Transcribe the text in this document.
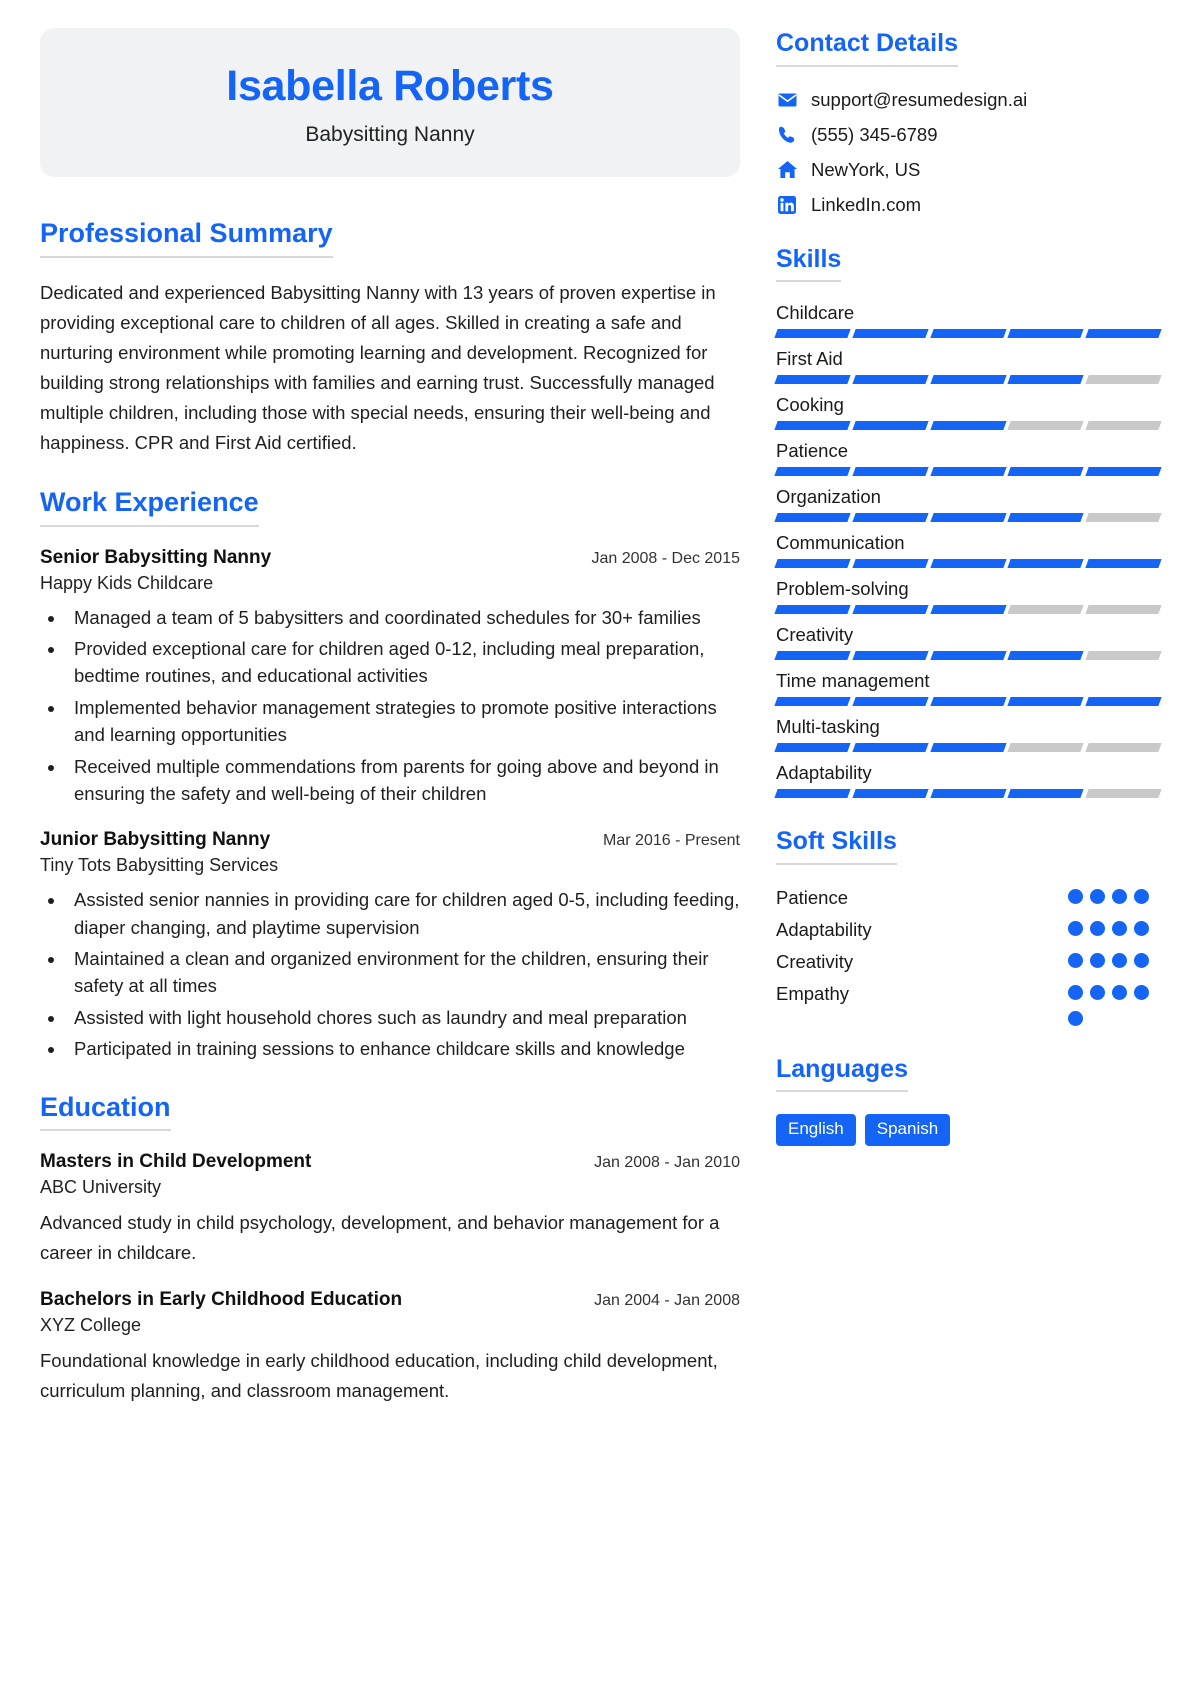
Isabella Roberts
Babysitting Nanny
Professional Summary
Dedicated and experienced Babysitting Nanny with 13 years of proven expertise in providing exceptional care to children of all ages. Skilled in creating a safe and nurturing environment while promoting learning and development. Recognized for building strong relationships with families and earning trust. Successfully managed multiple children, including those with special needs, ensuring their well-being and happiness. CPR and First Aid certified.
Work Experience
Senior Babysitting Nanny	Jan 2008 - Dec 2015
Happy Kids Childcare
• Managed a team of 5 babysitters and coordinated schedules for 30+ families
• Provided exceptional care for children aged 0-12, including meal preparation, bedtime routines, and educational activities
• Implemented behavior management strategies to promote positive interactions and learning opportunities
• Received multiple commendations from parents for going above and beyond in ensuring the safety and well-being of their children
Junior Babysitting Nanny	Mar 2016 - Present
Tiny Tots Babysitting Services
• Assisted senior nannies in providing care for children aged 0-5, including feeding, diaper changing, and playtime supervision
• Maintained a clean and organized environment for the children, ensuring their safety at all times
• Assisted with light household chores such as laundry and meal preparation
• Participated in training sessions to enhance childcare skills and knowledge
Education
Masters in Child Development	Jan 2008 - Jan 2010
ABC University
Advanced study in child psychology, development, and behavior management for a career in childcare.
Bachelors in Early Childhood Education	Jan 2004 - Jan 2008
XYZ College
Foundational knowledge in early childhood education, including child development, curriculum planning, and classroom management.
Contact Details
support@resumedesign.ai
(555) 345-6789
NewYork, US
LinkedIn.com
Skills
Childcare
First Aid
Cooking
Patience
Organization
Communication
Problem-solving
Creativity
Time management
Multi-tasking
Adaptability
Soft Skills
Patience
Adaptability
Creativity
Empathy
Languages
English	Spanish
